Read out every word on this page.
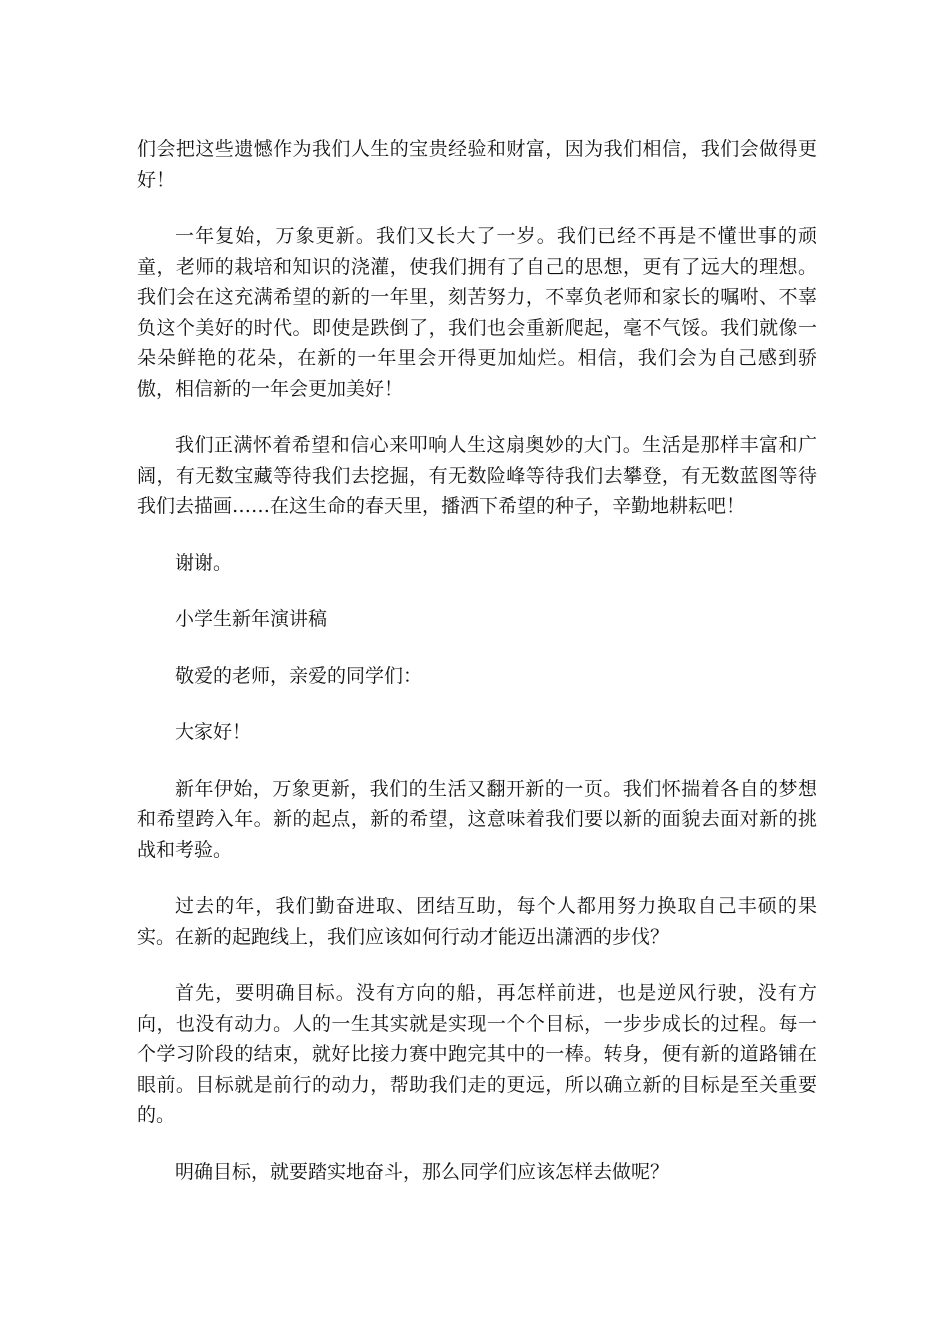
们会把这些遗憾作为我们人生的宝贵经验和财富，因为我们相信，我们会做得更好！

一年复始，万象更新。我们又长大了一岁。我们已经不再是不懂世事的顽童，老师的栽培和知识的浇灌，使我们拥有了自己的思想，更有了远大的理想。我们会在这充满希望的新的一年里，刻苦努力，不辜负老师和家长的嘱咐、不辜负这个美好的时代。即使是跌倒了，我们也会重新爬起，毫不气馁。我们就像一朵朵鲜艳的花朵，在新的一年里会开得更加灿烂。相信，我们会为自己感到骄傲，相信新的一年会更加美好！

我们正满怀着希望和信心来叩响人生这扇奥妙的大门。生活是那样丰富和广阔，有无数宝藏等待我们去挖掘，有无数险峰等待我们去攀登，有无数蓝图等待我们去描画……在这生命的春天里，播洒下希望的种子，辛勤地耕耘吧！

谢谢。

小学生新年演讲稿

敬爱的老师，亲爱的同学们：

大家好！

新年伊始，万象更新，我们的生活又翻开新的一页。我们怀揣着各自的梦想和希望跨入年。新的起点，新的希望，这意味着我们要以新的面貌去面对新的挑战和考验。

过去的年，我们勤奋进取、团结互助，每个人都用努力换取自己丰硕的果实。在新的起跑线上，我们应该如何行动才能迈出潇洒的步伐？

首先，要明确目标。没有方向的船，再怎样前进，也是逆风行驶，没有方向，也没有动力。人的一生其实就是实现一个个目标，一步步成长的过程。每一个学习阶段的结束，就好比接力赛中跑完其中的一棒。转身，便有新的道路铺在眼前。目标就是前行的动力，帮助我们走的更远，所以确立新的目标是至关重要的。

明确目标，就要踏实地奋斗，那么同学们应该怎样去做呢？
